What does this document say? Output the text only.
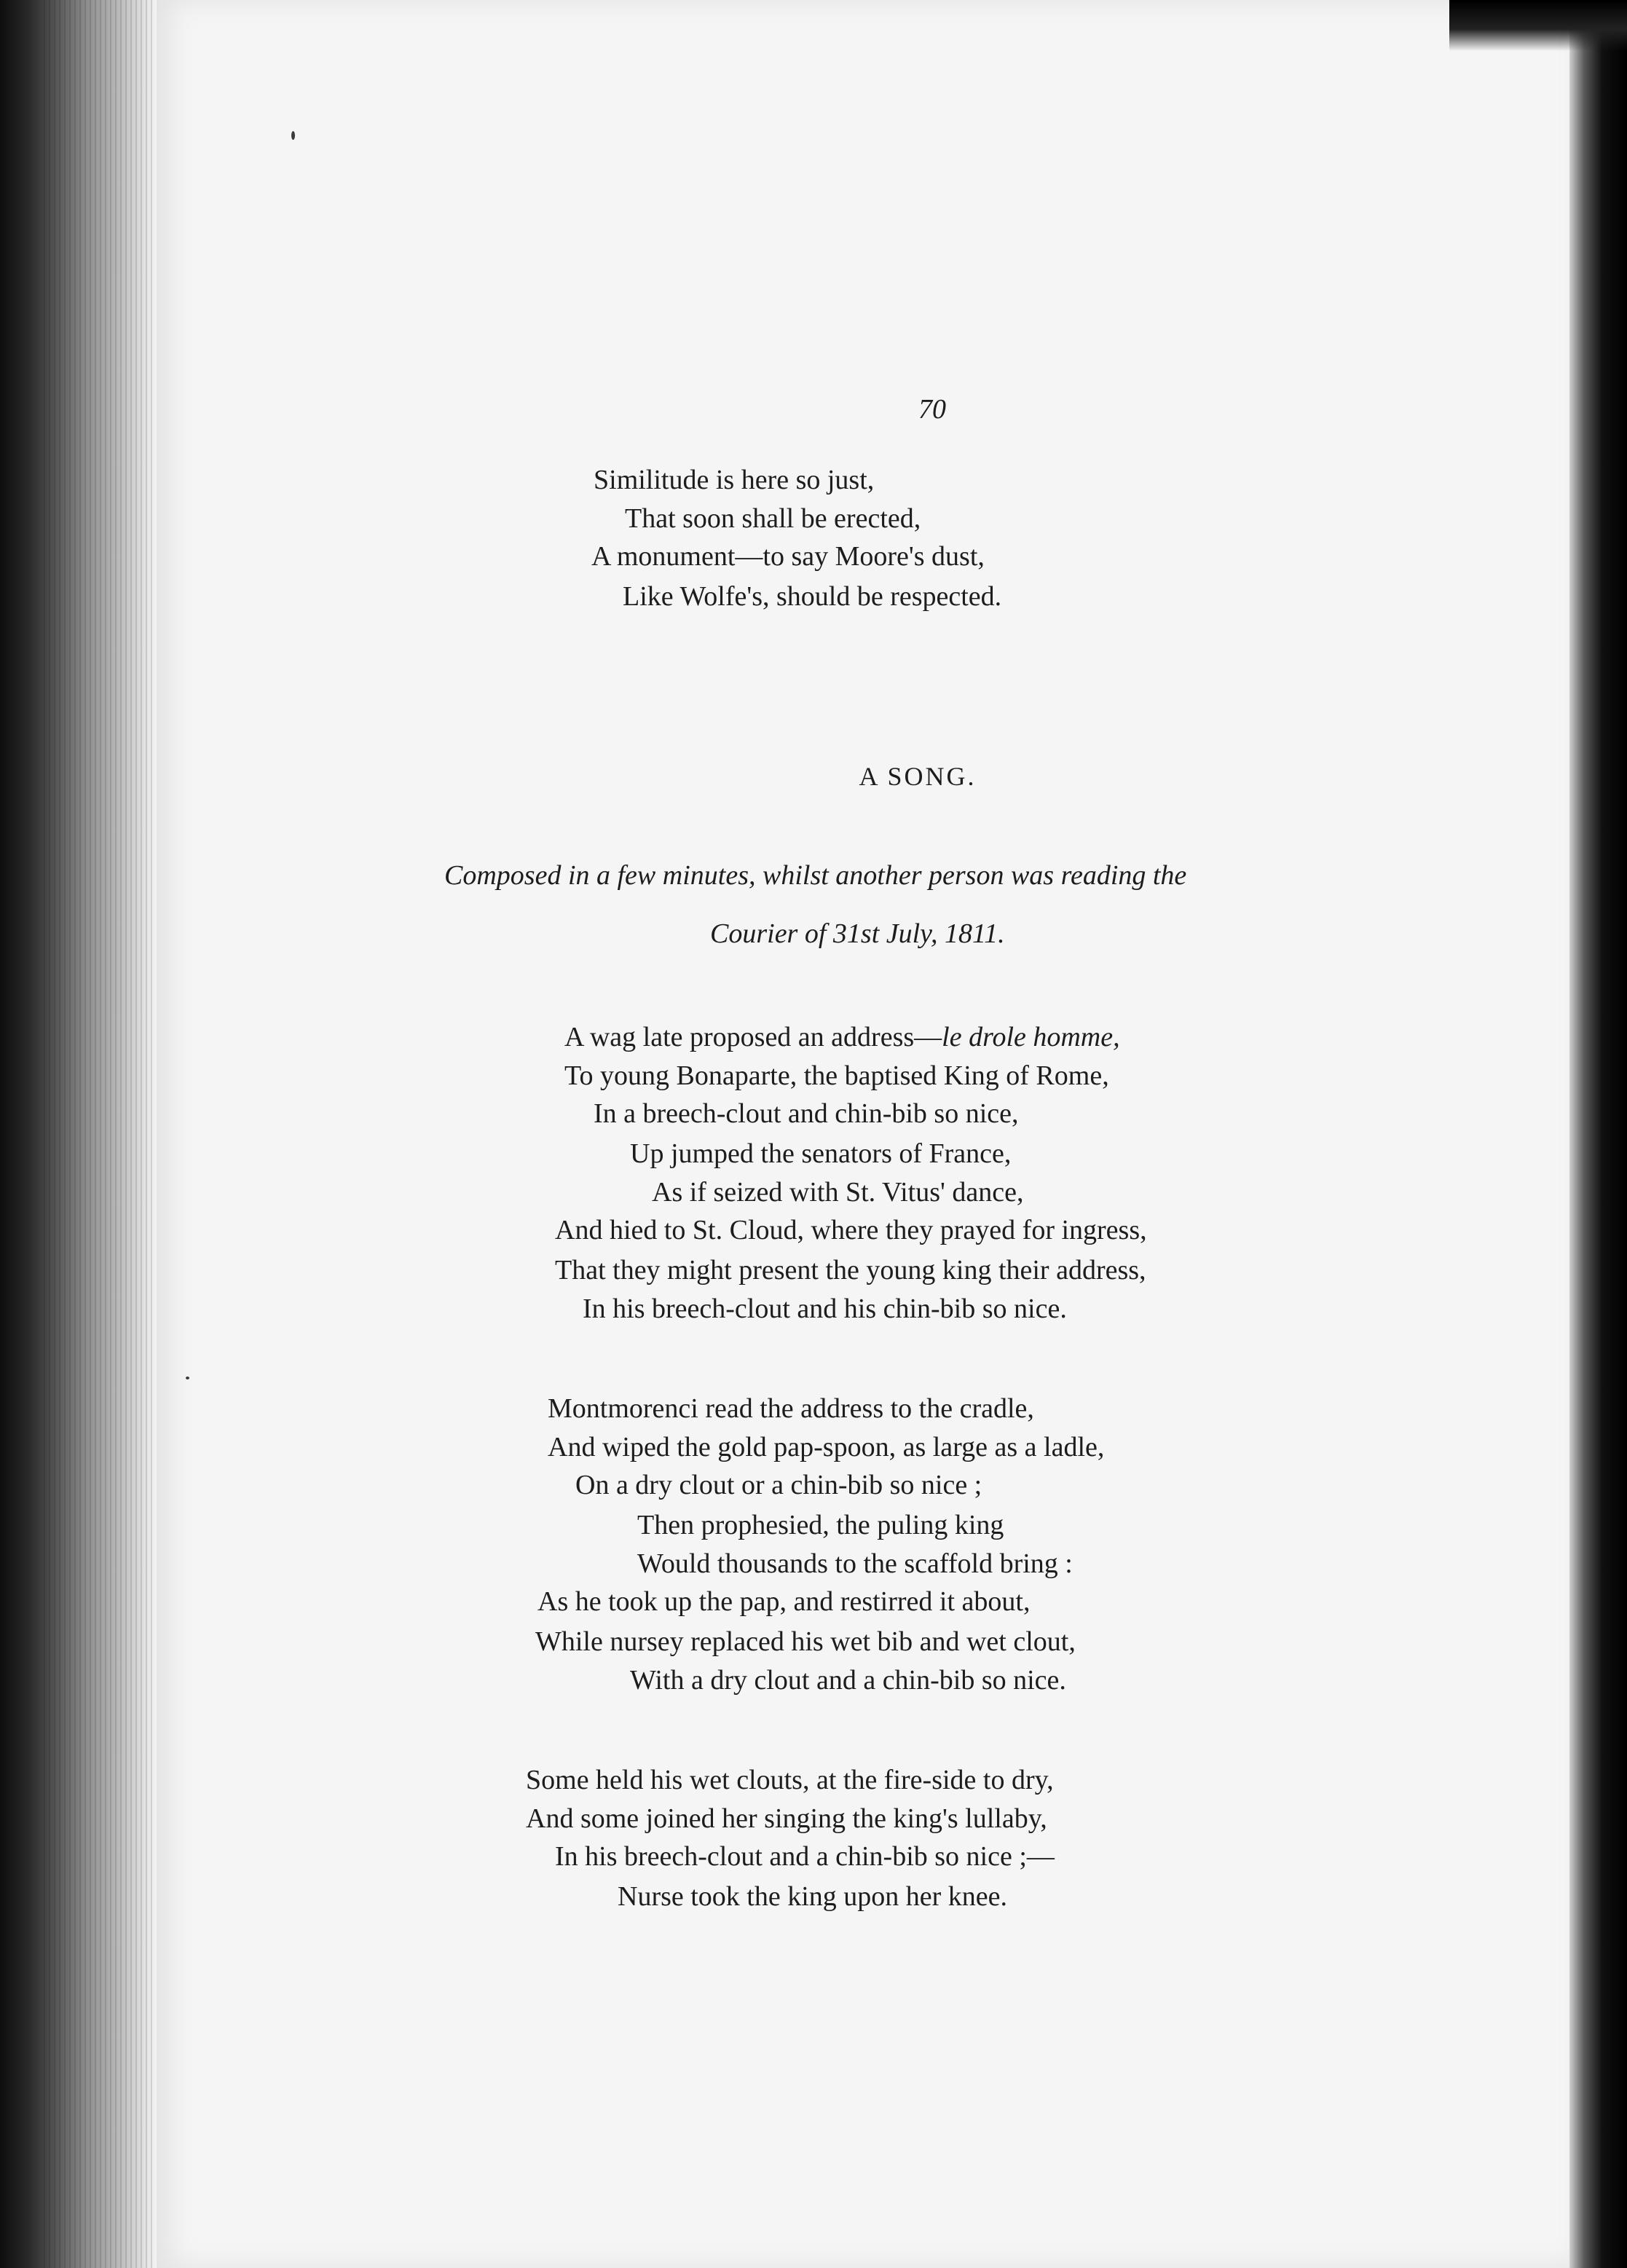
70
Similitude is here so just,
That soon shall be erected,
A monument—to say Moore's dust,
Like Wolfe's, should be respected.
A SONG.
Composed in a few minutes, whilst another person was reading the
Courier of 31st July, 1811.
A wag late proposed an address—le drole homme,
To young Bonaparte, the baptised King of Rome,
In a breech-clout and chin-bib so nice,
Up jumped the senators of France,
As if seized with St. Vitus' dance,
And hied to St. Cloud, where they prayed for ingress,
That they might present the young king their address,
In his breech-clout and his chin-bib so nice.
Montmorenci read the address to the cradle,
And wiped the gold pap-spoon, as large as a ladle,
On a dry clout or a chin-bib so nice ;
Then prophesied, the puling king
Would thousands to the scaffold bring :
As he took up the pap, and restirred it about,
While nursey replaced his wet bib and wet clout,
With a dry clout and a chin-bib so nice.
Some held his wet clouts, at the fire-side to dry,
And some joined her singing the king's lullaby,
In his breech-clout and a chin-bib so nice ;—
Nurse took the king upon her knee.
